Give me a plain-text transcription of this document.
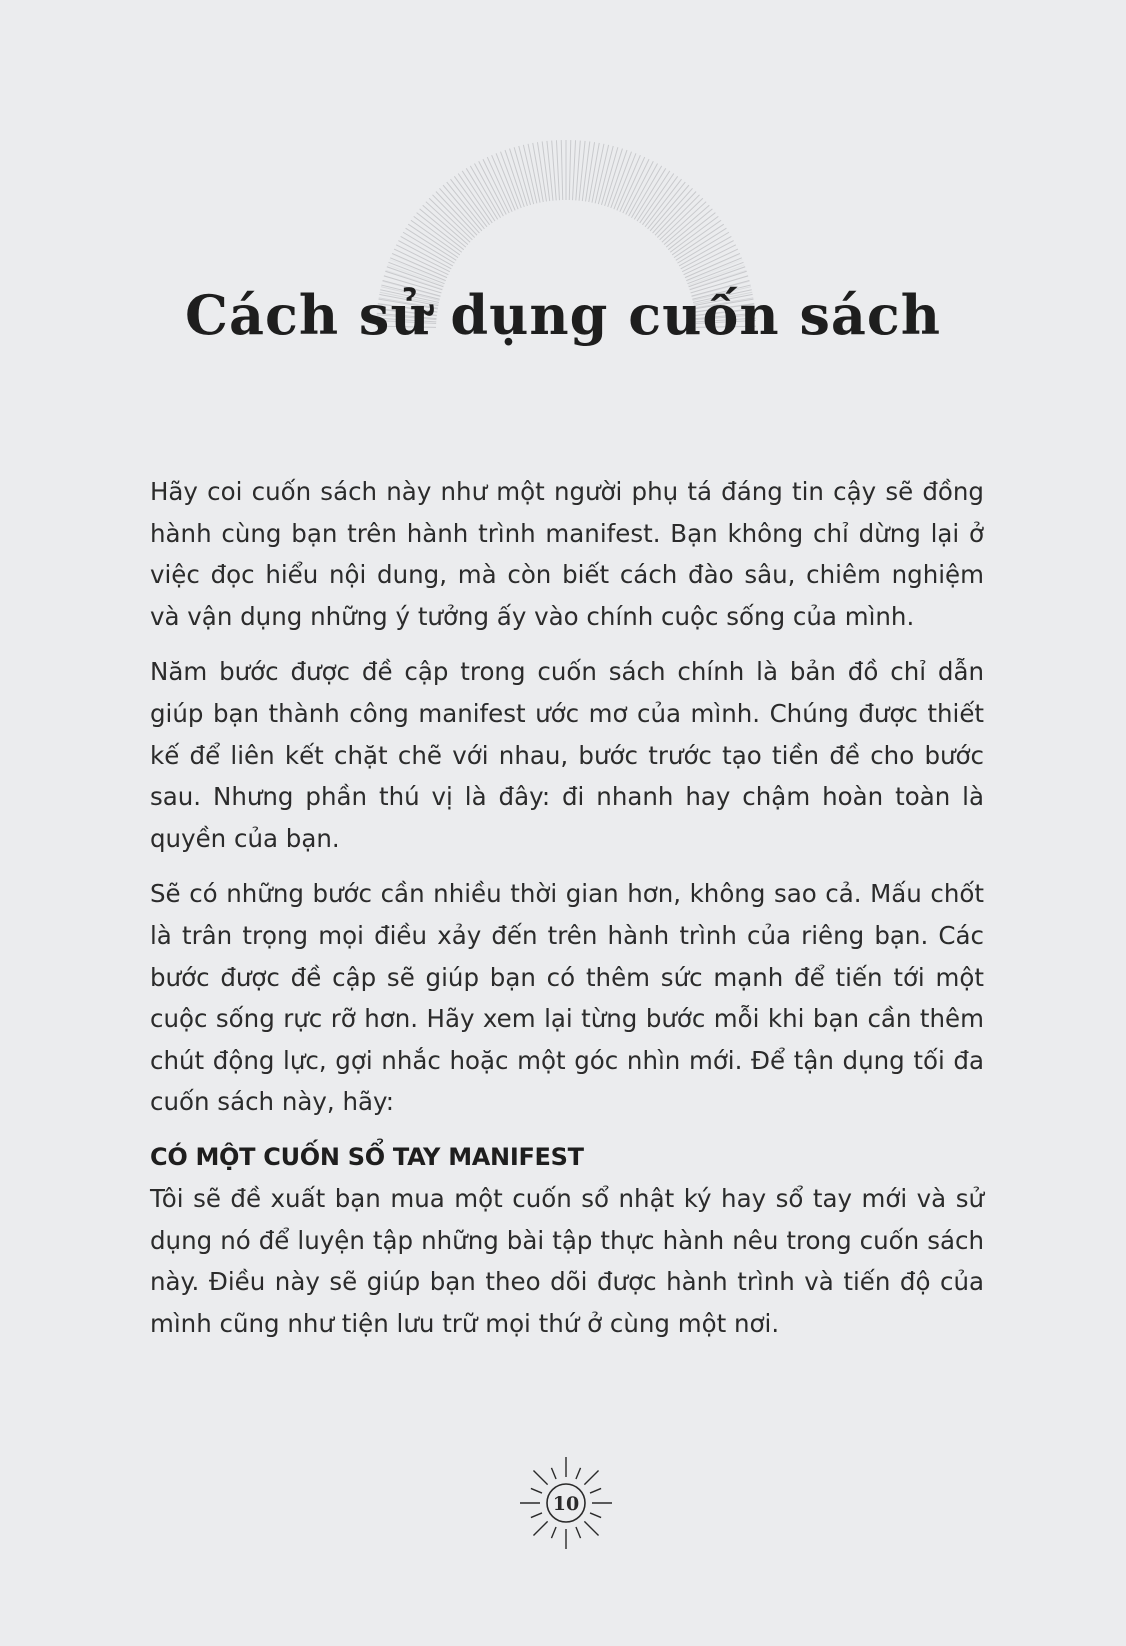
Cách sử dụng cuốn sách

Hãy coi cuốn sách này như một người phụ tá đáng tin cậy sẽ đồng hành cùng bạn trên hành trình manifest. Bạn không chỉ dừng lại ở việc đọc hiểu nội dung, mà còn biết cách đào sâu, chiêm nghiệm và vận dụng những ý tưởng ấy vào chính cuộc sống của mình.

Năm bước được đề cập trong cuốn sách chính là bản đồ chỉ dẫn giúp bạn thành công manifest ước mơ của mình. Chúng được thiết kế để liên kết chặt chẽ với nhau, bước trước tạo tiền đề cho bước sau. Nhưng phần thú vị là đây: đi nhanh hay chậm hoàn toàn là quyền của bạn.

Sẽ có những bước cần nhiều thời gian hơn, không sao cả. Mấu chốt là trân trọng mọi điều xảy đến trên hành trình của riêng bạn. Các bước được đề cập sẽ giúp bạn có thêm sức mạnh để tiến tới một cuộc sống rực rỡ hơn. Hãy xem lại từng bước mỗi khi bạn cần thêm chút động lực, gợi nhắc hoặc một góc nhìn mới. Để tận dụng tối đa cuốn sách này, hãy:

CÓ MỘT CUỐN SỔ TAY MANIFEST

Tôi sẽ đề xuất bạn mua một cuốn sổ nhật ký hay sổ tay mới và sử dụng nó để luyện tập những bài tập thực hành nêu trong cuốn sách này. Điều này sẽ giúp bạn theo dõi được hành trình và tiến độ của mình cũng như tiện lưu trữ mọi thứ ở cùng một nơi.

10
